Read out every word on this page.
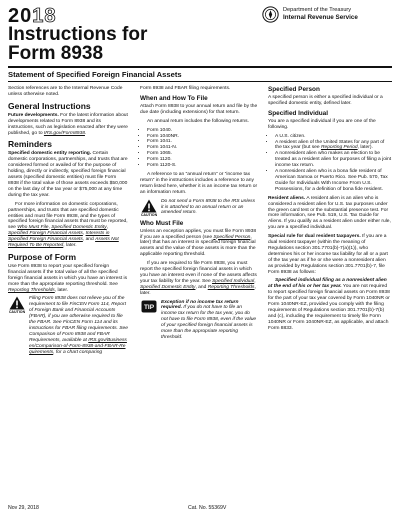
2018
Instructions for
Form 8938
Department of the Treasury
Internal Revenue Service
Statement of Specified Foreign Financial Assets

Section references are to the Internal Revenue Code unless otherwise noted.

General Instructions

Future developments. For the latest information about developments related to Form 8938 and its instructions, such as legislation enacted after they were published, go to IRS.gov/Form8938.

Reminders

Specified domestic entity reporting. Certain domestic corporations, partnerships, and trusts that are considered formed or availed of for the purpose of holding, directly or indirectly, specified foreign financial assets (specified domestic entities) must file Form 8938 if the total value of those assets exceeds $50,000 on the last day of the tax year or $75,000 at any time during the tax year.

For more information on domestic corporations, partnerships, and trusts that are specified domestic entities and must file Form 8938, and the types of specified foreign financial assets that must be reported, see Who Must File, Specified Domestic Entity, Specified Foreign Financial Assets, Interests in Specified Foreign Financial Assets, and Assets Not Required To Be Reported, later.

Purpose of Form

Use Form 8938 to report your specified foreign financial assets if the total value of all the specified foreign financial assets in which you have an interest is more than the appropriate reporting threshold. See Reporting Thresholds, later.

CAUTION
Filing Form 8938 does not relieve you of the requirement to file FinCEN Form 114, Report of Foreign Bank and Financial Accounts (FBAR), if you are otherwise required to file the FBAR. See FinCEN Form 114 and its instructions for FBAR filing requirements. See Comparison of Form 8938 and FBAR Requirements, available at IRS.gov/Businesses/Comparison-of-Form-8938-and-FBAR-Requirements, for a chart comparing

Form 8938 and FBAR filing requirements.

When and How To File

Attach Form 8938 to your annual return and file by the due date (including extensions) for that return.

An annual return includes the following returns.

• Form 1040.
• Form 1040NR.
• Form 1041.
• Form 1041-N.
• Form 1065.
• Form 1120.
• Form 1120-S.

A reference to an “annual return” or “income tax return” in the instructions includes a reference to any return listed here, whether it is an income tax return or an information return.

CAUTION
Do not send a Form 8938 to the IRS unless it is attached to an annual return or an amended return.
Who Must File

Unless an exception applies, you must file Form 8938 if you are a specified person (see Specified Person, later) that has an interest in specified foreign financial assets and the value of those assets is more than the applicable reporting threshold.

If you are required to file Form 8938, you must report the specified foreign financial assets in which you have an interest even if none of the assets affects your tax liability for the year. See Specified Individual, Specified Domestic Entity, and Reporting Thresholds, later.

TIP
Exception if no income tax return required. If you do not have to file an income tax return for the tax year, you do not have to file Form 8938, even if the value of your specified foreign financial assets is more than the appropriate reporting threshold.
Specified Person

A specified person is either a specified individual or a specified domestic entity, defined later.

Specified Individual

You are a specified individual if you are one of the following.

• A U.S. citizen.
• A resident alien of the United States for any part of the tax year (but see Reporting Period, later).
• A nonresident alien who makes an election to be treated as a resident alien for purposes of filing a joint income tax return.
• A nonresident alien who is a bona fide resident of American Samoa or Puerto Rico. See Pub. 570, Tax Guide for Individuals With Income From U.S. Possessions, for a definition of bona fide resident.

Resident aliens. A resident alien is an alien who is considered a resident alien for U.S. tax purposes under the green card test or the substantial presence test. For more information, see Pub. 519, U.S. Tax Guide for Aliens. If you qualify as a resident alien under either rule, you are a specified individual.

Special rule for dual resident taxpayers. If you are a dual resident taxpayer (within the meaning of Regulations section 301.7701(b)-7(a)(1)), who determines his or her income tax liability for all or a part of the tax year as if he or she were a nonresident alien as provided by Regulations section 301.7701(b)-7, file Form 8938 as follows:

Specified individual filing as a nonresident alien at the end of his or her tax year. You are not required to report specified foreign financial assets on Form 8938 for the part of your tax year covered by Form 1040NR or Form 1040NR-EZ, provided you comply with the filing requirements of Regulations section 301.7701(b)-7(b) and (c), including the requirement to timely file Form 1040NR or Form 1040NR-EZ, as applicable, and attach Form 8833.

Nov 29, 2018	Cat. No. 55369V
